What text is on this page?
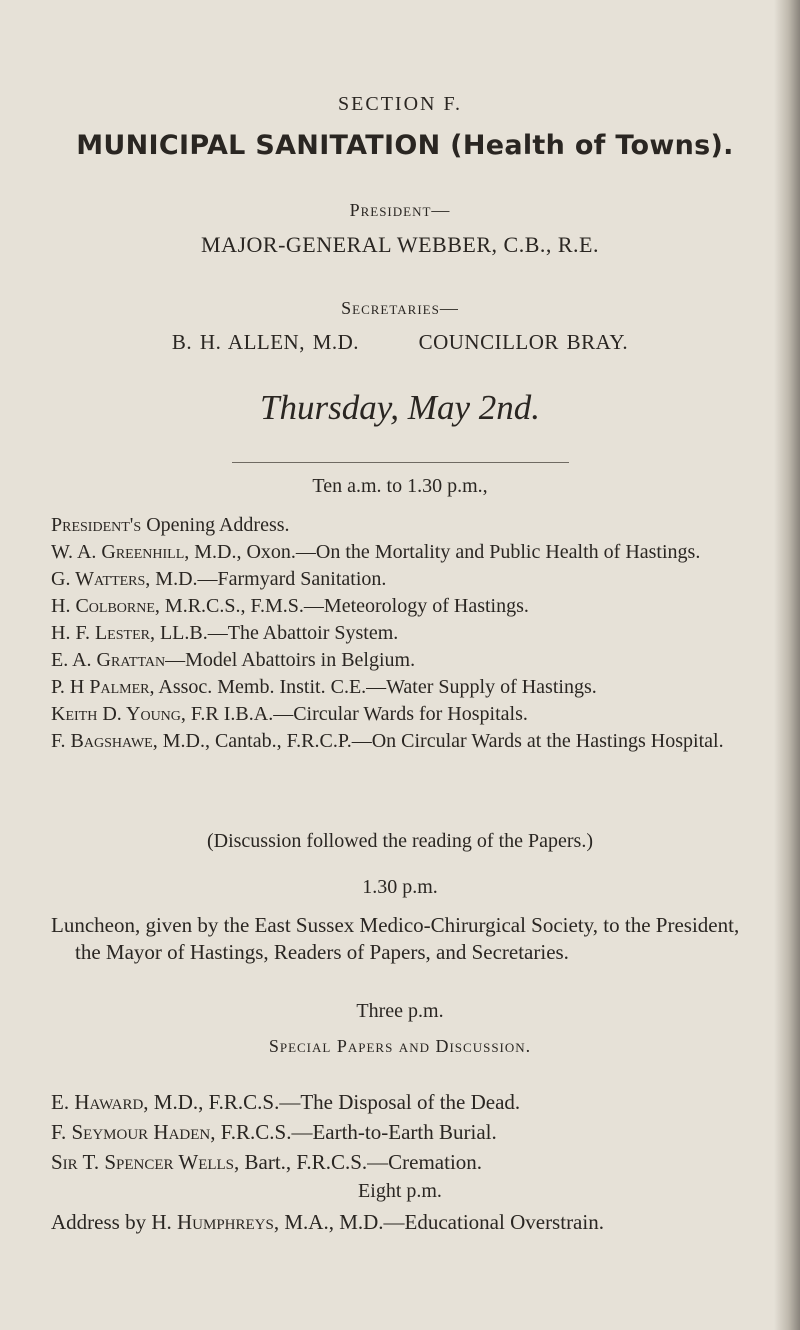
SECTION F.
MUNICIPAL SANITATION (Health of Towns).
President—
MAJOR-GENERAL WEBBER, C.B., R.E.
Secretaries—
B. H. ALLEN, M.D.	COUNCILLOR BRAY.
Thursday, May 2nd.
Ten a.m. to 1.30 p.m.,
President's Opening Address.
W. A. Greenhill, M.D., Oxon.—On the Mortality and Public Health of Hastings.
G. Watters, M.D.—Farmyard Sanitation.
H. Colborne, M.R.C.S., F.M.S.—Meteorology of Hastings.
H. F. Lester, LL.B.—The Abattoir System.
E. A. Grattan—Model Abattoirs in Belgium.
P. H Palmer, Assoc. Memb. Instit. C.E.—Water Supply of Hastings.
Keith D. Young, F.R I.B.A.—Circular Wards for Hospitals.
F. Bagshawe, M.D., Cantab., F.R.C.P.—On Circular Wards at the Hastings Hospital.
(Discussion followed the reading of the Papers.)
1.30 p.m.

Luncheon, given by the East Sussex Medico-Chirurgical Society, to the President, the Mayor of Hastings, Readers of Papers, and Secretaries.

Three p.m.
Special Papers and Discussion.
E. Haward, M.D., F.R.C.S.—The Disposal of the Dead.
F. Seymour Haden, F.R.C.S.—Earth-to-Earth Burial.
Sir T. Spencer Wells, Bart., F.R.C.S.—Cremation.
Eight p.m.
Address by H. Humphreys, M.A., M.D.—Educational Overstrain.
